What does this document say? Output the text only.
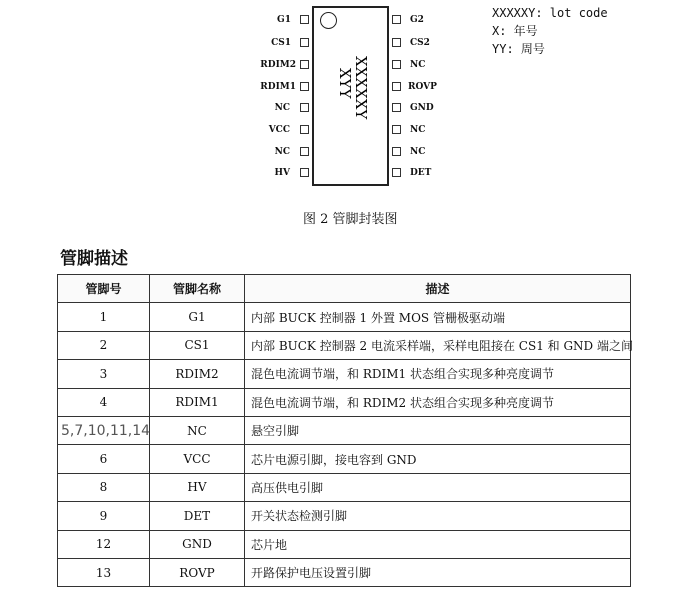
XXXXXY
XYY
G1
CS1
RDIM2
RDIM1
NC
VCC
NC
HV
G2
CS2
NC
ROVP
GND
NC
NC
DET
XXXXXY: lot code
X: 年号
YY: 周号
图 2 管脚封装图
管脚描述
管脚号	管脚名称	描述
1	G1	内部 BUCK 控制器 1 外置 MOS 管栅极驱动端
2	CS1	内部 BUCK 控制器 2 电流采样端，采样电阻接在 CS1 和 GND 端之间
3	RDIM2	混色电流调节端，和 RDIM1 状态组合实现多种亮度调节
4	RDIM1	混色电流调节端，和 RDIM2 状态组合实现多种亮度调节
5,7,10,11,14	NC	悬空引脚
6	VCC	芯片电源引脚，接电容到 GND
8	HV	高压供电引脚
9	DET	开关状态检测引脚
12	GND	芯片地
13	ROVP	开路保护电压设置引脚
